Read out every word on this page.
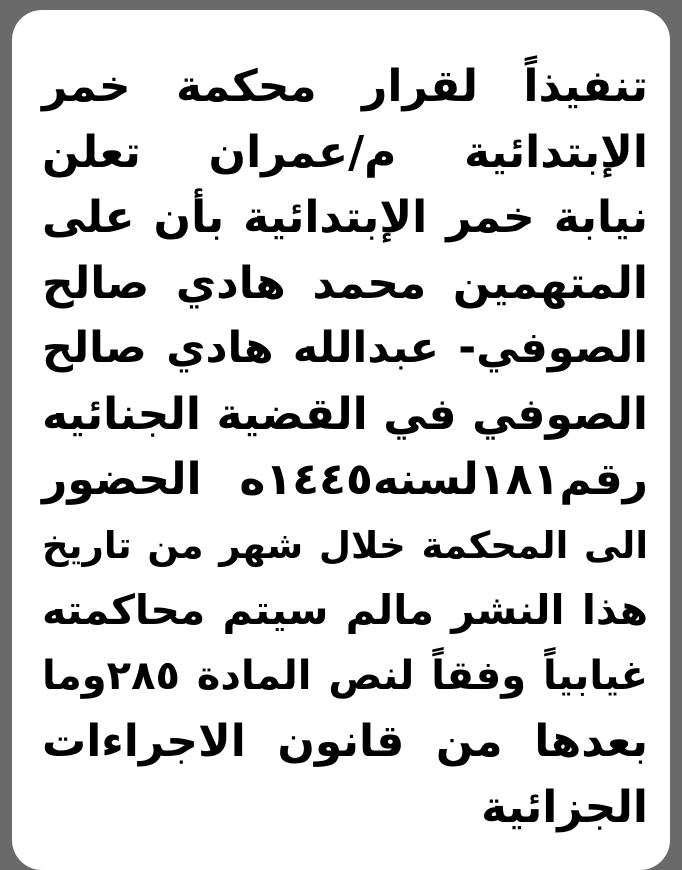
تنفيذاً لقرار محكمة خمر
الإبتدائية م/عمران تعلن
نيابة خمر الإبتدائية بأن على
المتهمين محمد هادي صالح
الصوفي- عبدالله هادي صالح
الصوفي في القضية الجنائيه
رقم١٨١لسنه١٤٤٥ه الحضور
الى المحكمة خلال شهر من تاريخ
هذا النشر مالم سيتم محاكمته
غيابياً وفقاً لنص المادة ٢٨٥وما
بعدها من قانون الاجراءات
الجزائية
